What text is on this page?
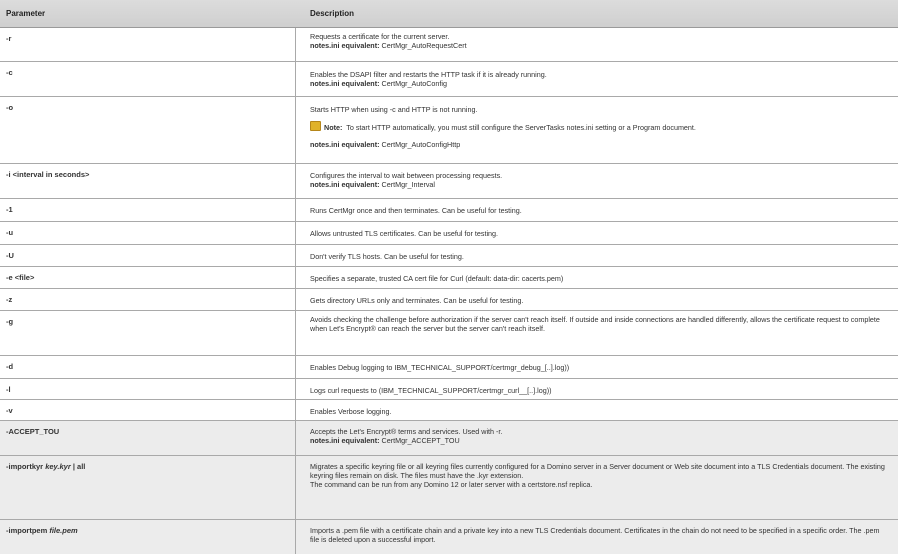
Parameter	Description
-r	Requests a certificate for the current server.
notes.ini equivalent: CertMgr_AutoRequestCert
-c	Enables the DSAPI filter and restarts the HTTP task if it is already running.
notes.ini equivalent: CertMgr_AutoConfig
-o	Starts HTTP when using -c and HTTP is not running.
Note: To start HTTP automatically, you must still configure the ServerTasks notes.ini setting or a Program document.
notes.ini equivalent: CertMgr_AutoConfigHttp
-i <interval in seconds>	Configures the interval to wait between processing requests.
notes.ini equivalent: CertMgr_Interval
-1	Runs CertMgr once and then terminates. Can be useful for testing.
-u	Allows untrusted TLS certificates. Can be useful for testing.
-U	Don't verify TLS hosts. Can be useful for testing.
-e <file>	Specifies a separate, trusted CA cert file for Curl (default: data-dir: cacerts.pem)
-z	Gets directory URLs only and terminates. Can be useful for testing.
-g	Avoids checking the challenge before authorization if the server can't reach itself. If outside and inside connections are handled differently, allows the certificate request to complete when Let's Encrypt® can reach the server but the server can't reach itself.
-d	Enables Debug logging to IBM_TECHNICAL_SUPPORT/certmgr_debug_[..].log))
-l	Logs curl requests to (IBM_TECHNICAL_SUPPORT/certmgr_curl__[..].log))
-v	Enables Verbose logging.
-ACCEPT_TOU	Accepts the Let's Encrypt® terms and services. Used with -r.
notes.ini equivalent: CertMgr_ACCEPT_TOU
-importkyr key.kyr | all	Migrates a specific keyring file or all keyring files currently configured for a Domino server in a Server document or Web site document into a TLS Credentials document. The existing keyring files remain on disk. The files must have the .kyr extension.
The command can be run from any Domino 12 or later server with a certstore.nsf replica.
-importpem file.pem	Imports a .pem file with a certificate chain and a private key into a new TLS Credentials document. Certificates in the chain do not need to be specified in a specific order. The .pem file is deleted upon a successful import.
